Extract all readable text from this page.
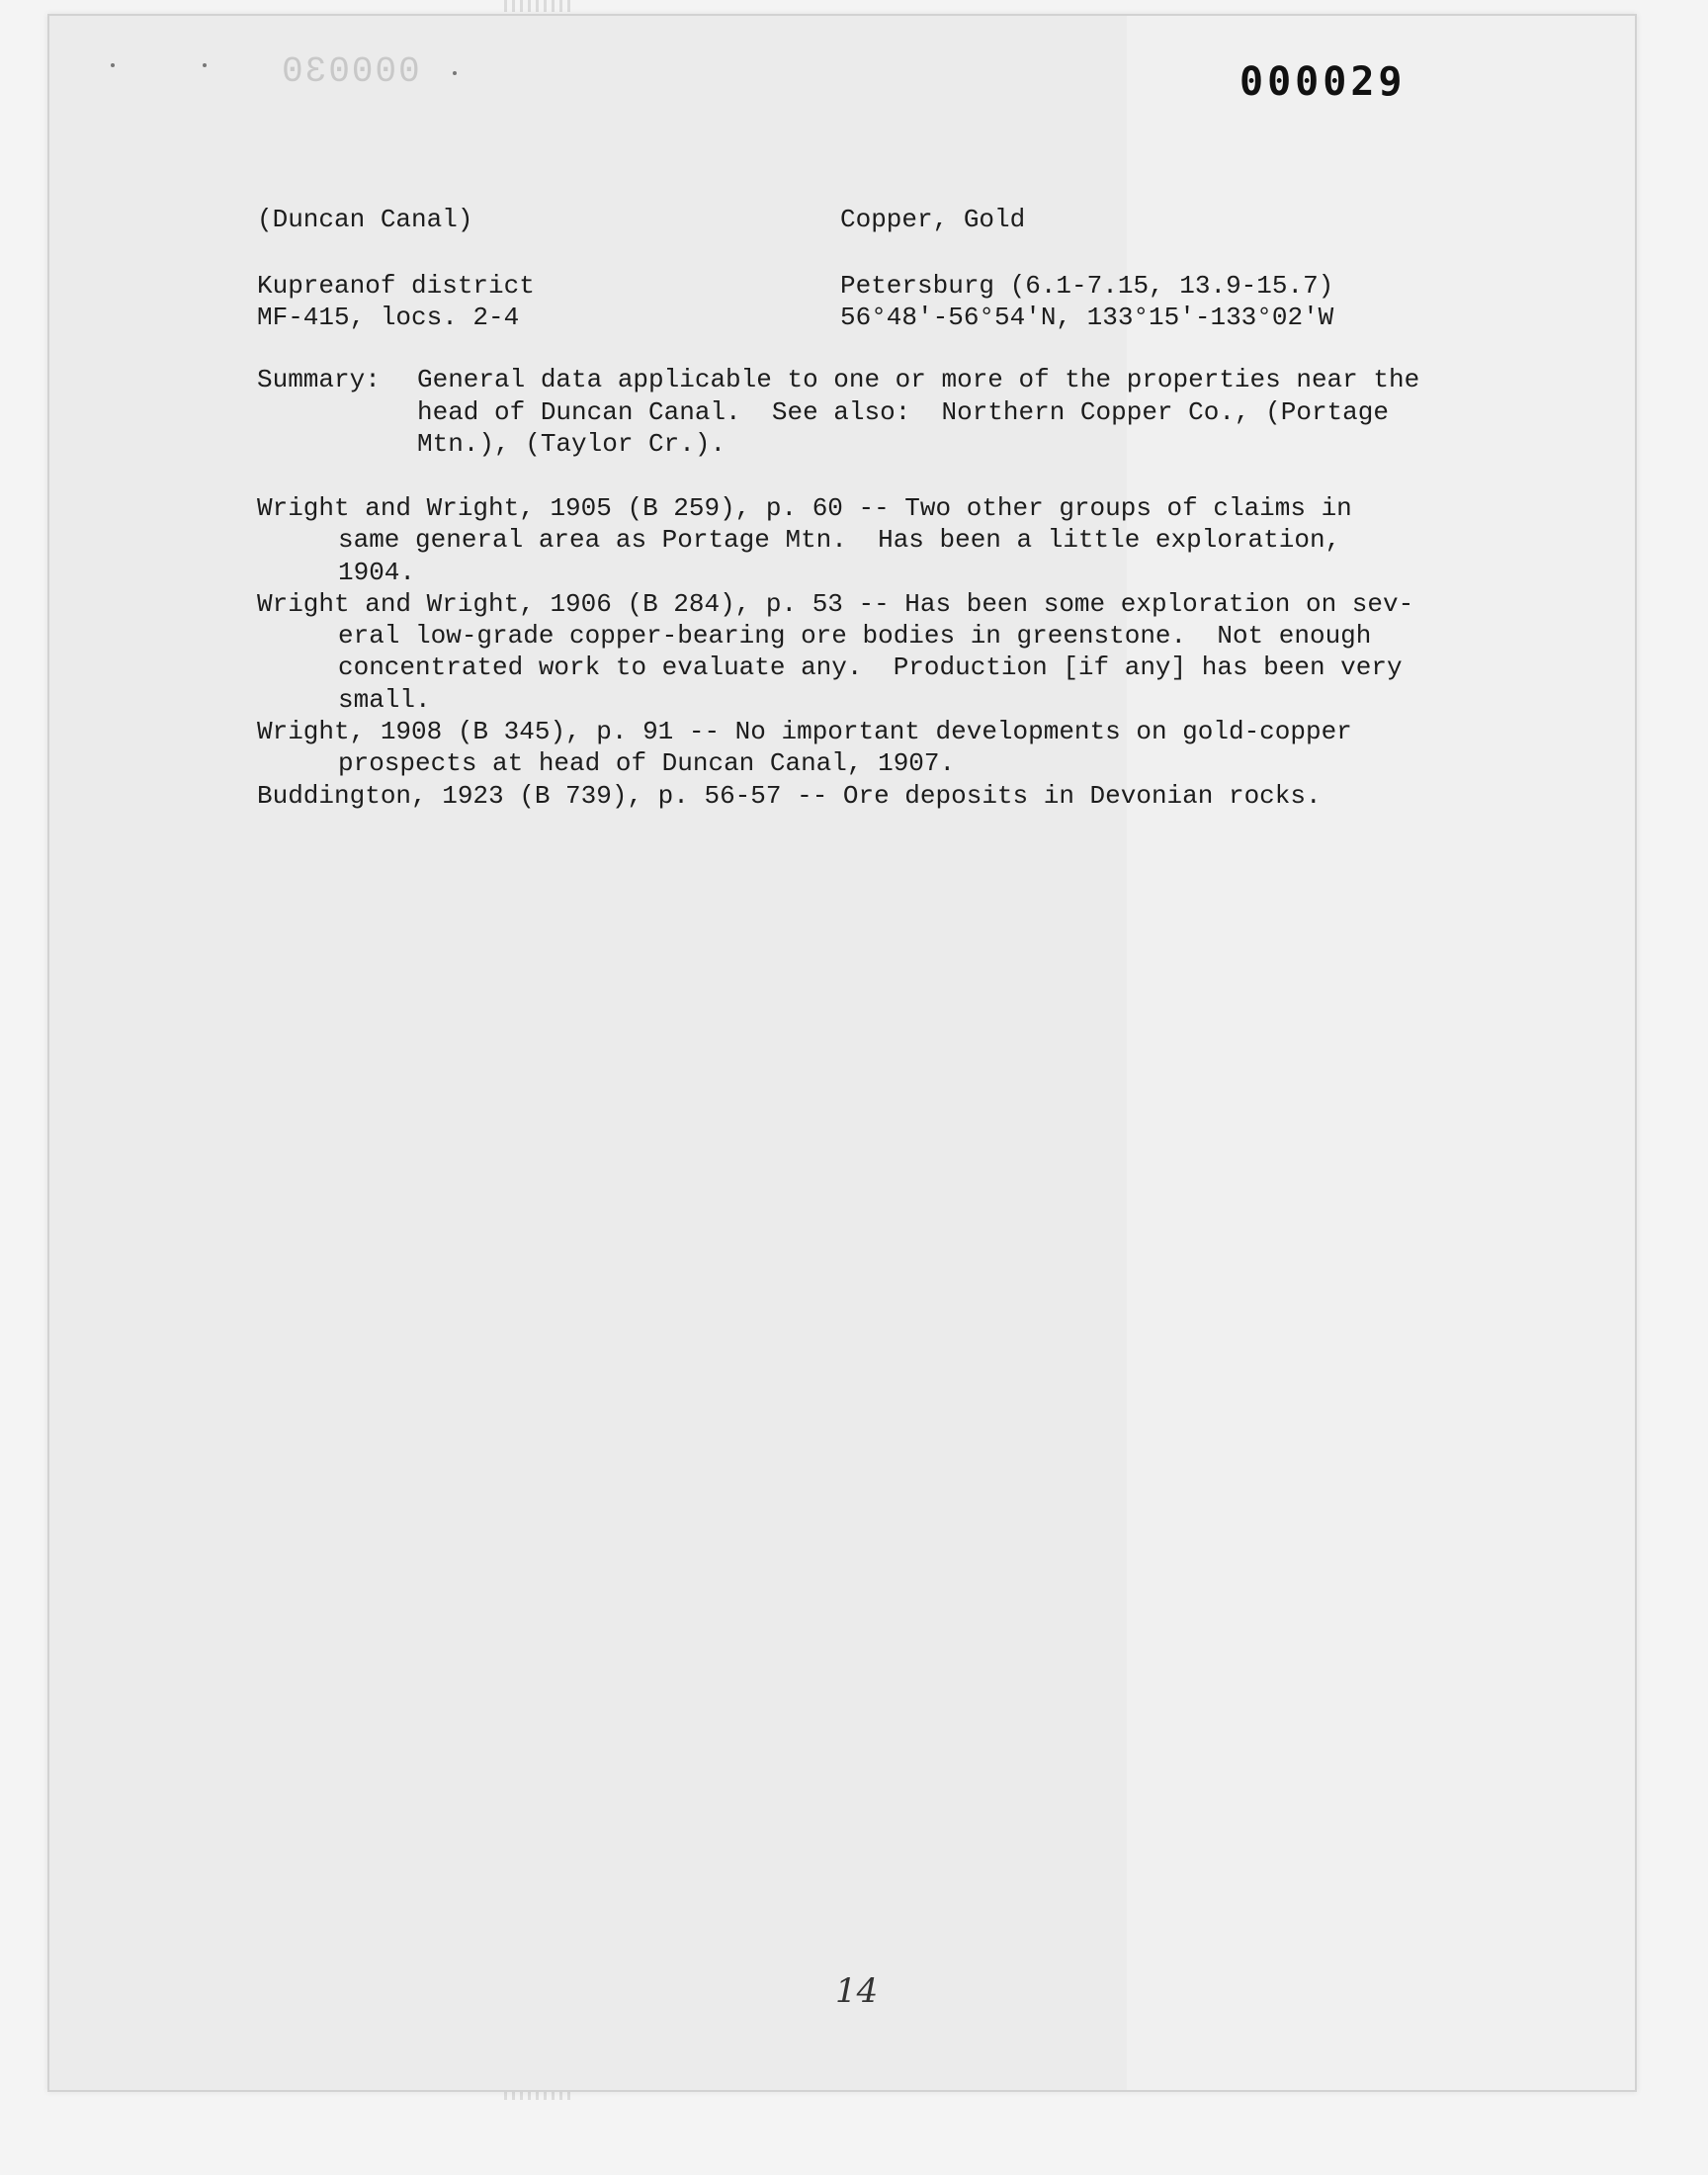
000030	000029
(Duncan Canal)	Copper, Gold
Kupreanof district	Petersburg (6.1-7.15, 13.9-15.7)
MF-415, locs. 2-4	56°48'-56°54'N, 133°15'-133°02'W
Summary: General data applicable to one or more of the properties near the
head of Duncan Canal.  See also:  Northern Copper Co., (Portage
Mtn.), (Taylor Cr.).
Wright and Wright, 1905 (B 259), p. 60 -- Two other groups of claims in
same general area as Portage Mtn.  Has been a little exploration,
1904.
Wright and Wright, 1906 (B 284), p. 53 -- Has been some exploration on sev-
eral low-grade copper-bearing ore bodies in greenstone.  Not enough
concentrated work to evaluate any.  Production [if any] has been very
small.
Wright, 1908 (B 345), p. 91 -- No important developments on gold-copper
prospects at head of Duncan Canal, 1907.
Buddington, 1923 (B 739), p. 56-57 -- Ore deposits in Devonian rocks.
14
